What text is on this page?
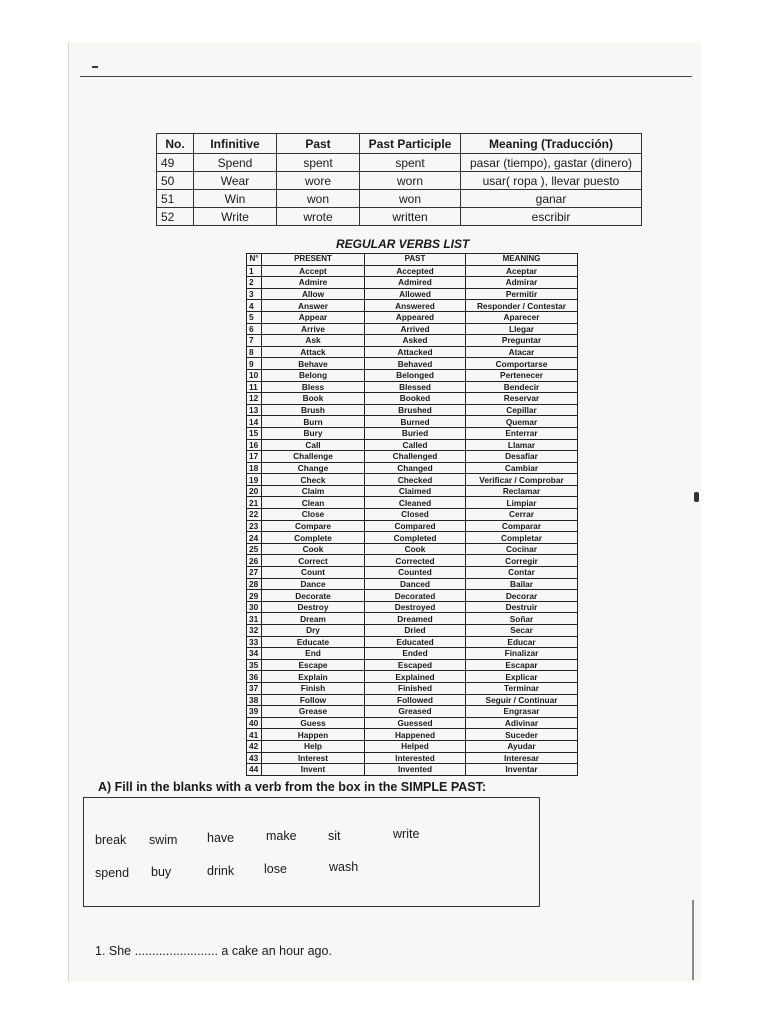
No.	Infinitive	Past	Past Participle	Meaning (Traducción)
49	Spend	spent	spent	pasar (tiempo), gastar (dinero)
50	Wear	wore	worn	usar( ropa ), llevar puesto
51	Win	won	won	ganar
52	Write	wrote	written	escribir
REGULAR VERBS LIST
N°	PRESENT	PAST	MEANING
1	Accept	Accepted	Aceptar
2	Admire	Admired	Admirar
3	Allow	Allowed	Permitir
4	Answer	Answered	Responder / Contestar
5	Appear	Appeared	Aparecer
6	Arrive	Arrived	Llegar
7	Ask	Asked	Preguntar
8	Attack	Attacked	Atacar
9	Behave	Behaved	Comportarse
10	Belong	Belonged	Pertenecer
11	Bless	Blessed	Bendecir
12	Book	Booked	Reservar
13	Brush	Brushed	Cepillar
14	Burn	Burned	Quemar
15	Bury	Buried	Enterrar
16	Call	Called	Llamar
17	Challenge	Challenged	Desafiar
18	Change	Changed	Cambiar
19	Check	Checked	Verificar / Comprobar
20	Claim	Claimed	Reclamar
21	Clean	Cleaned	Limpiar
22	Close	Closed	Cerrar
23	Compare	Compared	Comparar
24	Complete	Completed	Completar
25	Cook	Cook	Cocinar
26	Correct	Corrected	Corregir
27	Count	Counted	Contar
28	Dance	Danced	Bailar
29	Decorate	Decorated	Decorar
30	Destroy	Destroyed	Destruir
31	Dream	Dreamed	Soñar
32	Dry	Dried	Secar
33	Educate	Educated	Educar
34	End	Ended	Finalizar
35	Escape	Escaped	Escapar
36	Explain	Explained	Explicar
37	Finish	Finished	Terminar
38	Follow	Followed	Seguir / Continuar
39	Grease	Greased	Engrasar
40	Guess	Guessed	Adivinar
41	Happen	Happened	Suceder
42	Help	Helped	Ayudar
43	Interest	Interested	Interesar
44	Invent	Invented	Inventar
A) Fill in the blanks with a verb from the box in the SIMPLE PAST:
break swim have	make	sit	write
spend buy	drink lose	wash
1. She ........................ a cake an hour ago.
